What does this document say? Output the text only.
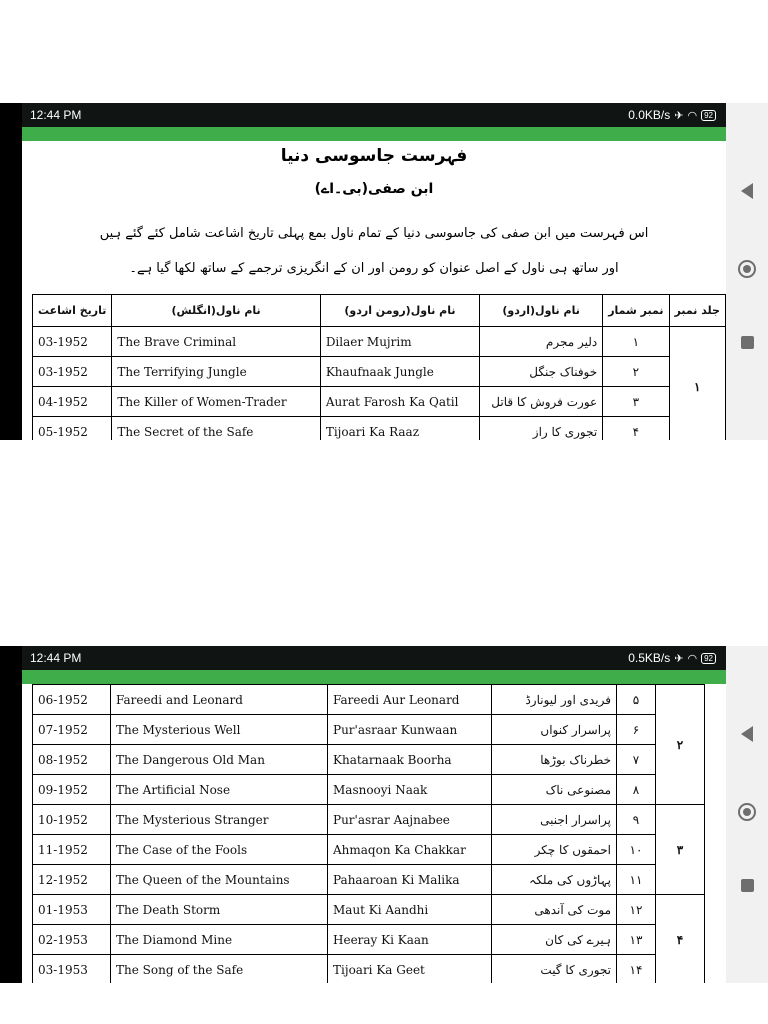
12:44 PM	0.0KB/s ✈ ◠ 92
فہرست جاسوسی دنیا
ابن صفی(بی۔اے)
اس فہرست میں ابن صفی کی جاسوسی دنیا کے تمام ناول بمع پہلی تاریخ اشاعت شامل کئے گئے ہیں
اور ساتھ ہی ناول کے اصل عنوان کو رومن اور ان کے انگریزی ترجمے کے ساتھ لکھا گیا ہے۔
تاریخ اشاعت	نام ناول(انگلش)	نام ناول(رومن اردو)	نام ناول(اردو)	نمبر شمار	جلد نمبر
03-1952	The Brave Criminal	Dilaer Mujrim	دلیر مجرم	۱	۱
03-1952	The Terrifying Jungle	Khaufnaak Jungle	خوفناک جنگل	۲	
04-1952	The Killer of Women-Trader	Aurat Farosh Ka Qatil	عورت فروش کا قاتل	۳	
05-1952	The Secret of the Safe	Tijoari Ka Raaz	تجوری کا راز	۴	
12:44 PM	0.5KB/s ✈ ◠ 92
06-1952	Fareedi and Leonard	Fareedi Aur Leonard	فریدی اور لیونارڈ	۵	۲
07-1952	The Mysterious Well	Pur'asraar Kunwaan	پراسرار کنواں	۶	
08-1952	The Dangerous Old Man	Khatarnaak Boorha	خطرناک بوڑھا	۷	
09-1952	The Artificial Nose	Masnooyi Naak	مصنوعی ناک	۸	
10-1952	The Mysterious Stranger	Pur'asrar Aajnabee	پراسرار اجنبی	۹	۳
11-1952	The Case of the Fools	Ahmaqon Ka Chakkar	احمقوں کا چکر	۱۰	
12-1952	The Queen of the Mountains	Pahaaroan Ki Malika	پہاڑوں کی ملکہ	۱۱	
01-1953	The Death Storm	Maut Ki Aandhi	موت کی آندھی	۱۲	۴
02-1953	The Diamond Mine	Heeray Ki Kaan	ہیرے کی کان	۱۳	
03-1953	The Song of the Safe	Tijoari Ka Geet	تجوری کا گیت	۱۴	
